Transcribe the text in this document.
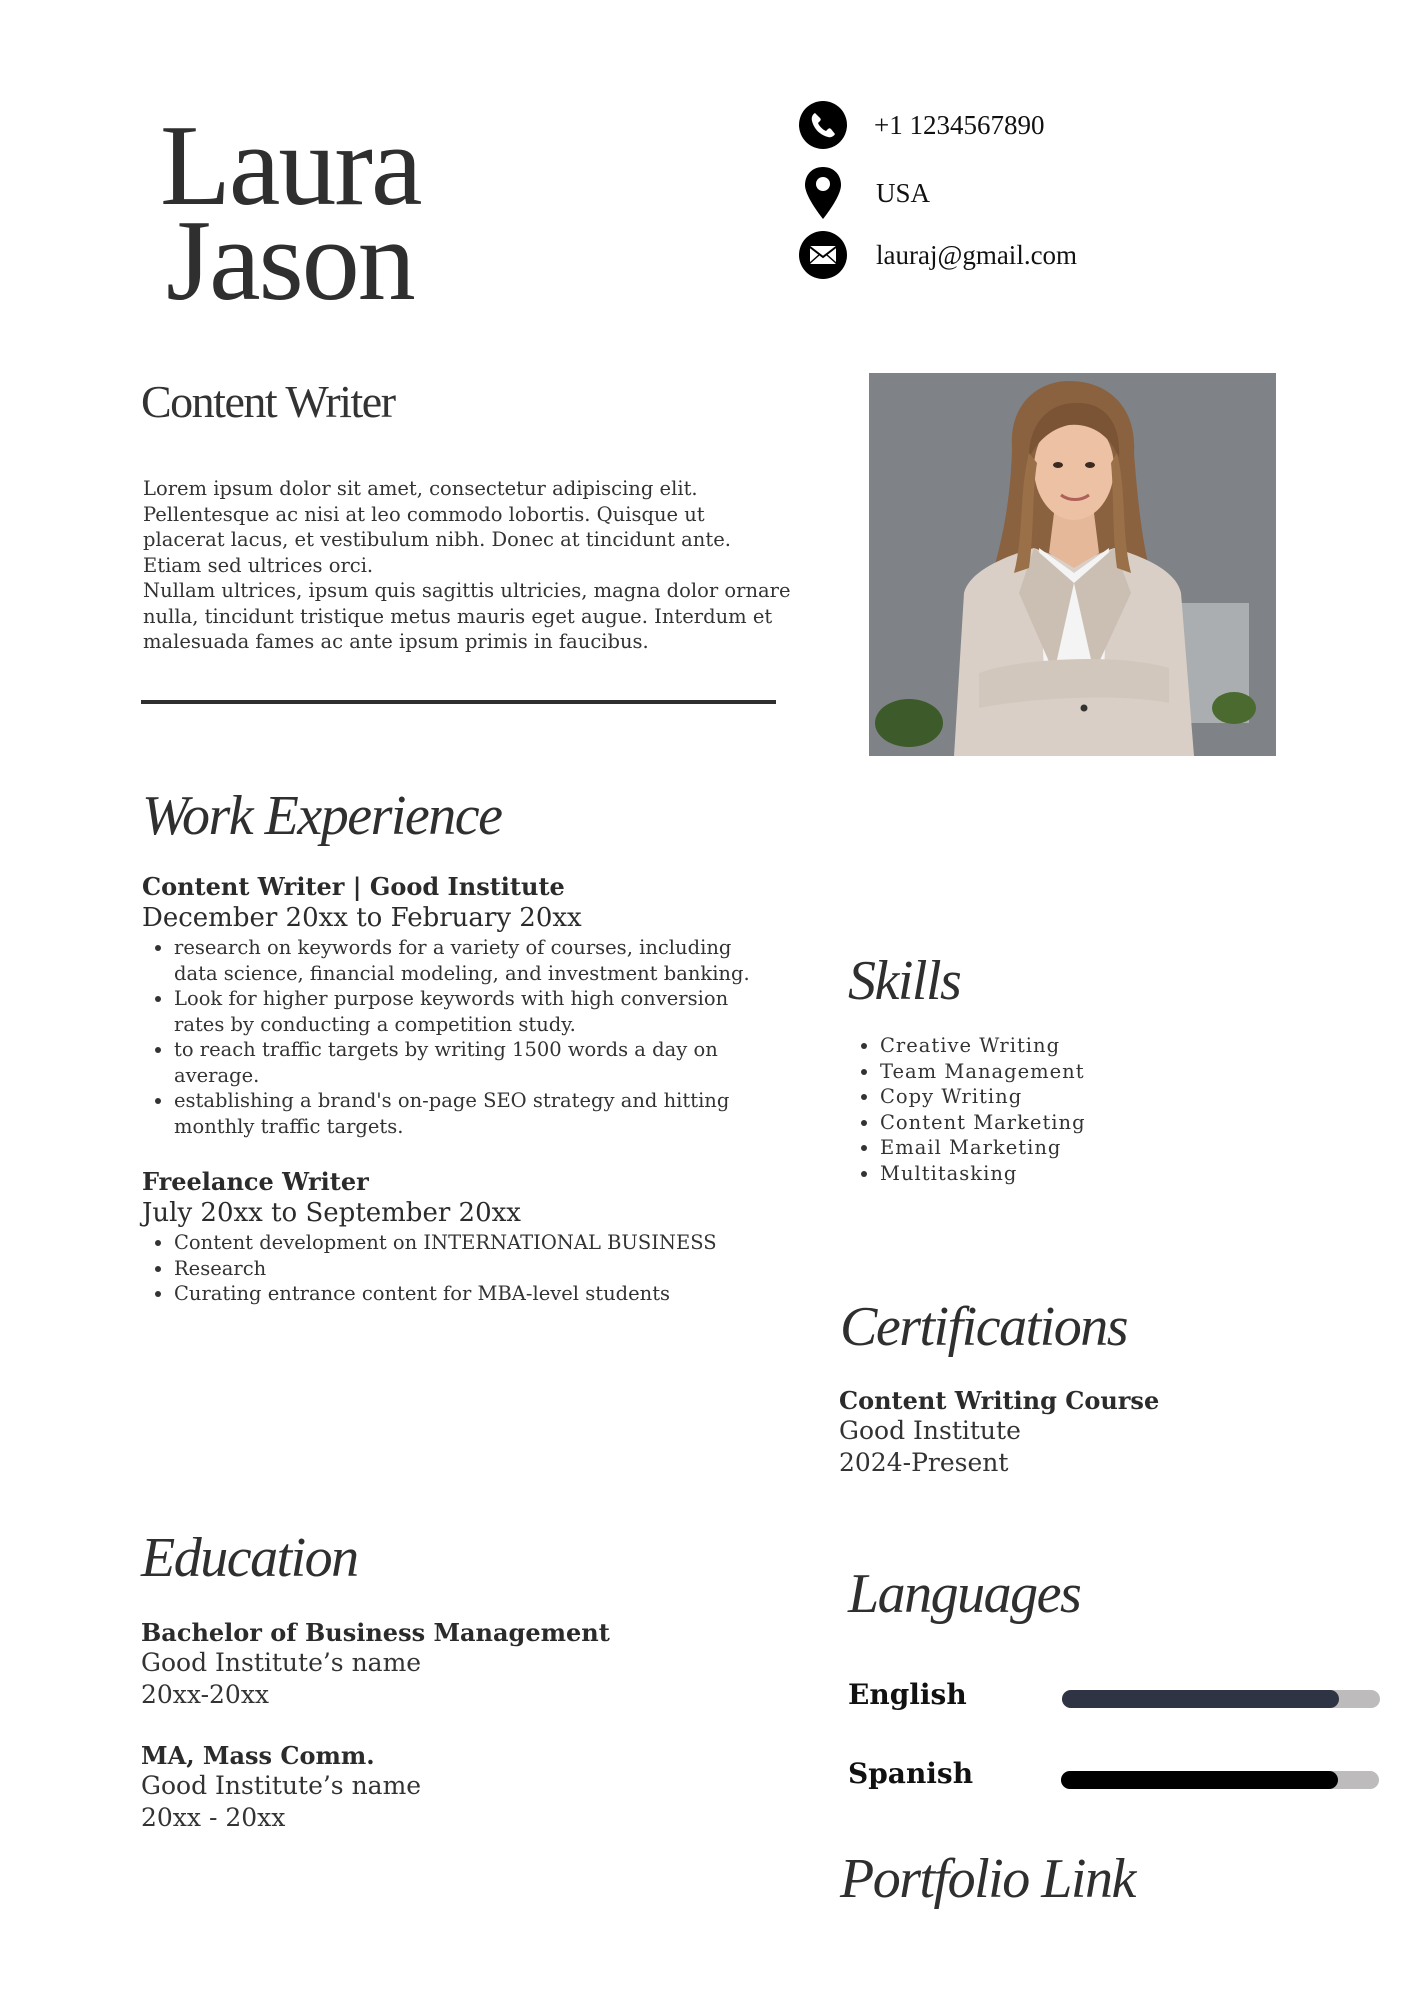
Laura
Jason
+1 1234567890
USA
lauraj@gmail.com
Content Writer

Lorem ipsum dolor sit amet, consectetur adipiscing elit.

Pellentesque ac nisi at leo commodo lobortis. Quisque ut

placerat lacus, et vestibulum nibh. Donec at tincidunt ante.

Etiam sed ultrices orci.

Nullam ultrices, ipsum quis sagittis ultricies, magna dolor ornare

nulla, tincidunt tristique metus mauris eget augue. Interdum et

malesuada fames ac ante ipsum primis in faucibus.

Work Experience
Content Writer | Good Institute
December 20xx to February 20xx
• research on keywords for a variety of courses, including
data science, financial modeling, and investment banking.
• Look for higher purpose keywords with high conversion
rates by conducting a competition study.
• to reach traffic targets by writing 1500 words a day on
average.
• establishing a brand's on-page SEO strategy and hitting
monthly traffic targets.
Freelance Writer
July 20xx to September 20xx
• Content development on INTERNATIONAL BUSINESS
• Research
• Curating entrance content for MBA-level students
Skills
• Creative Writing
• Team Management
• Copy Writing
• Content Marketing
• Email Marketing
• Multitasking
Certifications
Content Writing Course
Good Institute
2024-Present
Education
Bachelor of Business Management
Good Institute’s name
20xx-20xx
MA, Mass Comm.
Good Institute’s name
20xx - 20xx
Languages
English
Spanish
Portfolio Link
